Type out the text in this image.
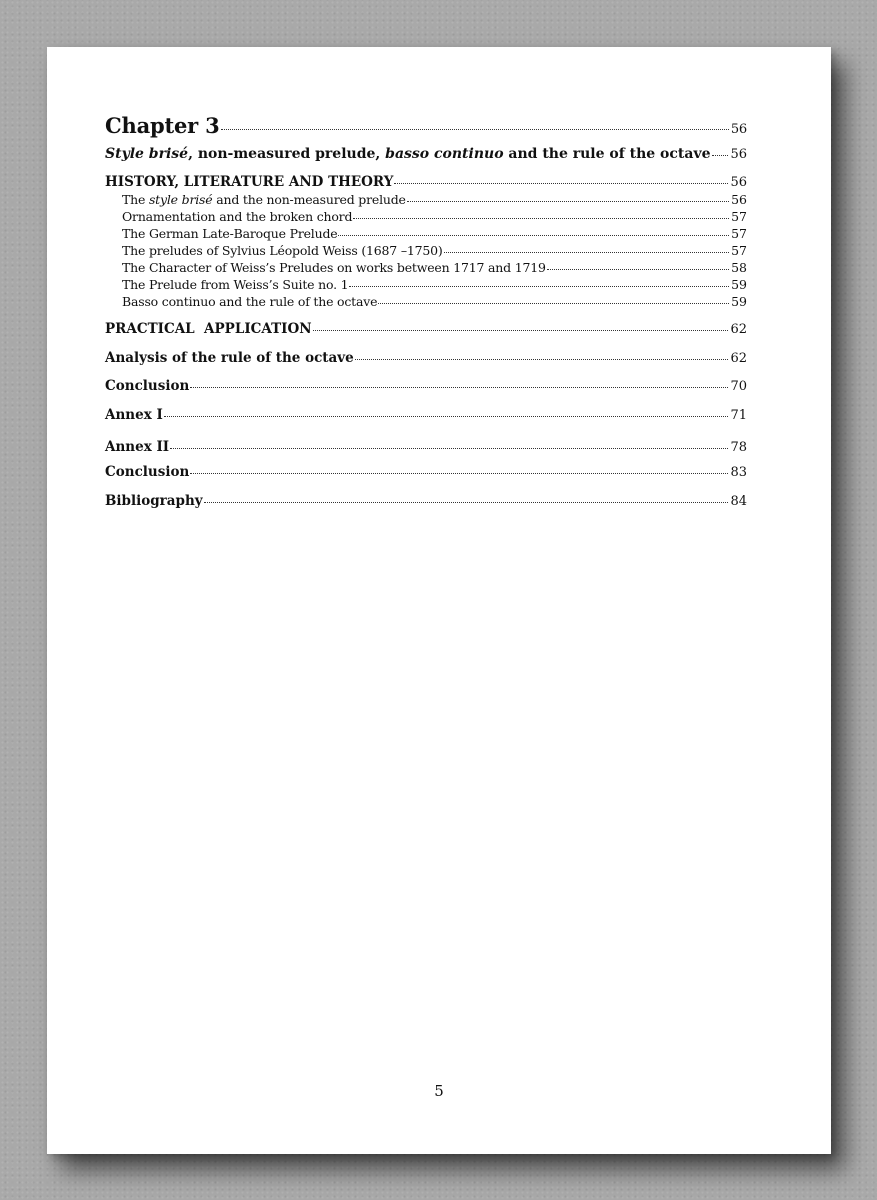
Chapter 3	56
Style brisé, non-measured prelude, basso continuo and the rule of the octave 56
HISTORY, LITERATURE AND THEORY	56
The style brisé and the non-measured prelude	56
Ornamentation and the broken chord	57
The German Late-Baroque Prelude	57
The preludes of Sylvius Léopold Weiss (1687 –1750)	57
The Character of Weiss’s Preludes on works between 1717 and 1719	58
The Prelude from Weiss’s Suite no. 1	59
Basso continuo and the rule of the octave	59
PRACTICAL  APPLICATION	62
Analysis of the rule of the octave	62
Conclusion	70
Annex I	71
Annex II	78
Conclusion	83
Bibliography	84
5
